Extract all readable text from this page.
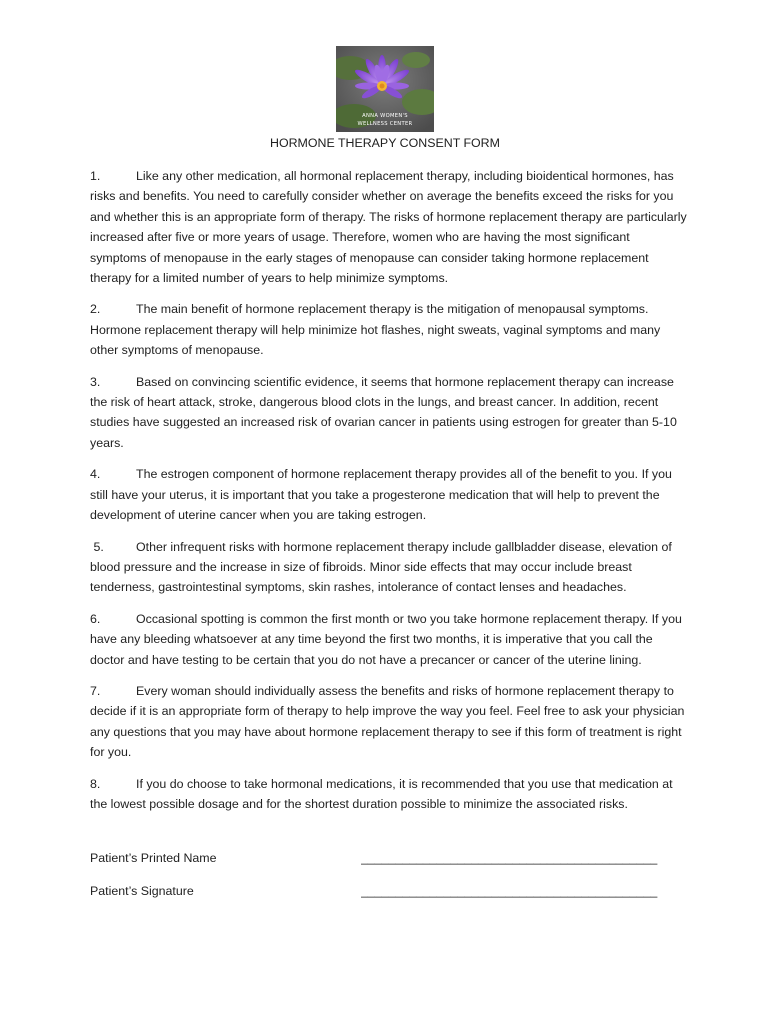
ANNA WOMEN'S
WELLNESS CENTER
HORMONE THERAPY CONSENT FORM
1.	Like any other medication, all hormonal replacement therapy, including bioidentical hormones, has risks and benefits. You need to carefully consider whether on average the benefits exceed the risks for you and whether this is an appropriate form of therapy. The risks of hormone replacement therapy are particularly increased after five or more years of usage. Therefore, women who are having the most significant symptoms of menopause in the early stages of menopause can consider taking hormone replacement therapy for a limited number of years to help minimize symptoms.
2.	The main benefit of hormone replacement therapy is the mitigation of menopausal symptoms. Hormone replacement therapy will help minimize hot flashes, night sweats, vaginal symptoms and many other symptoms of menopause.
3.	Based on convincing scientific evidence, it seems that hormone replacement therapy can increase the risk of heart attack, stroke, dangerous blood clots in the lungs, and breast cancer. In addition, recent studies have suggested an increased risk of ovarian cancer in patients using estrogen for greater than 5-10 years.
4.	The estrogen component of hormone replacement therapy provides all of the benefit to you. If you still have your uterus, it is important that you take a progesterone medication that will help to prevent the development of uterine cancer when you are taking estrogen.
5.	Other infrequent risks with hormone replacement therapy include gallbladder disease, elevation of blood pressure and the increase in size of fibroids. Minor side effects that may occur include breast tenderness, gastrointestinal symptoms, skin rashes, intolerance of contact lenses and headaches.
6.	Occasional spotting is common the first month or two you take hormone replacement therapy. If you have any bleeding whatsoever at any time beyond the first two months, it is imperative that you call the doctor and have testing to be certain that you do not have a precancer or cancer of the uterine lining.
7.	Every woman should individually assess the benefits and risks of hormone replacement therapy to decide if it is an appropriate form of therapy to help improve the way you feel. Feel free to ask your physician any questions that you may have about hormone replacement therapy to see if this form of treatment is right for you.
8.	If you do choose to take hormonal medications, it is recommended that you use that medication at the lowest possible dosage and for the shortest duration possible to minimize the associated risks.
Patient’s Printed Name	___________________________________________
Patient’s Signature	___________________________________________
